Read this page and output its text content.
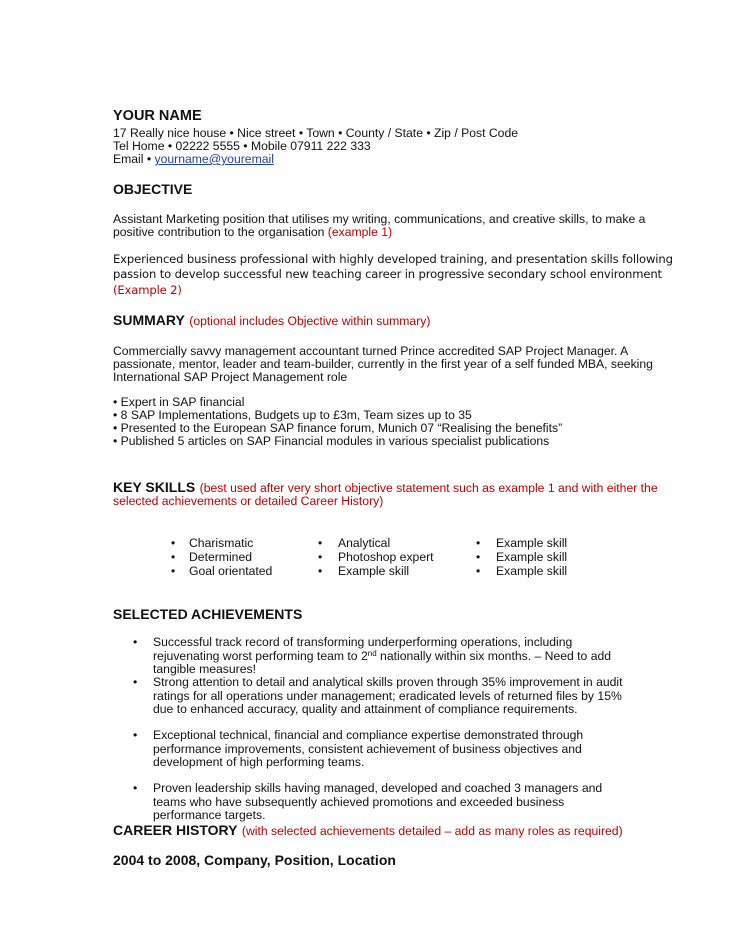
YOUR NAME
17 Really nice house • Nice street • Town • County / State • Zip / Post Code
Tel Home • 02222 5555 • Mobile 07911 222 333
Email • yourname@youremail
OBJECTIVE
Assistant Marketing position that utilises my writing, communications, and creative skills, to make a
positive contribution to the organisation (example 1)
Experienced business professional with highly developed training, and presentation skills following
passion to develop successful new teaching career in progressive secondary school environment
(Example 2)
SUMMARY (optional includes Objective within summary)
Commercially savvy management accountant turned Prince accredited SAP Project Manager. A
passionate, mentor, leader and team-builder, currently in the first year of a self funded MBA, seeking
International SAP Project Management role
• Expert in SAP financial
• 8 SAP Implementations, Budgets up to £3m, Team sizes up to 35
• Presented to the European SAP finance forum, Munich 07 “Realising the benefits”
• Published 5 articles on SAP Financial modules in various specialist publications
KEY SKILLS (best used after very short objective statement such as example 1 and with either the
selected achievements or detailed Career History)
• Charismatic
• Determined
• Goal orientated
• Analytical
• Photoshop expert
• Example skill
• Example skill
• Example skill
• Example skill
SELECTED ACHIEVEMENTS
• Successful track record of transforming underperforming operations, including rejuvenating worst performing team to 2nd nationally within six months. – Need to add tangible measures!
• Strong attention to detail and analytical skills proven through 35% improvement in audit ratings for all operations under management; eradicated levels of returned files by 15% due to enhanced accuracy, quality and attainment of compliance requirements.
• Exceptional technical, financial and compliance expertise demonstrated through performance improvements, consistent achievement of business objectives and development of high performing teams.
• Proven leadership skills having managed, developed and coached 3 managers and teams who have subsequently achieved promotions and exceeded business performance targets.
CAREER HISTORY (with selected achievements detailed – add as many roles as required)
2004 to 2008, Company, Position, Location
